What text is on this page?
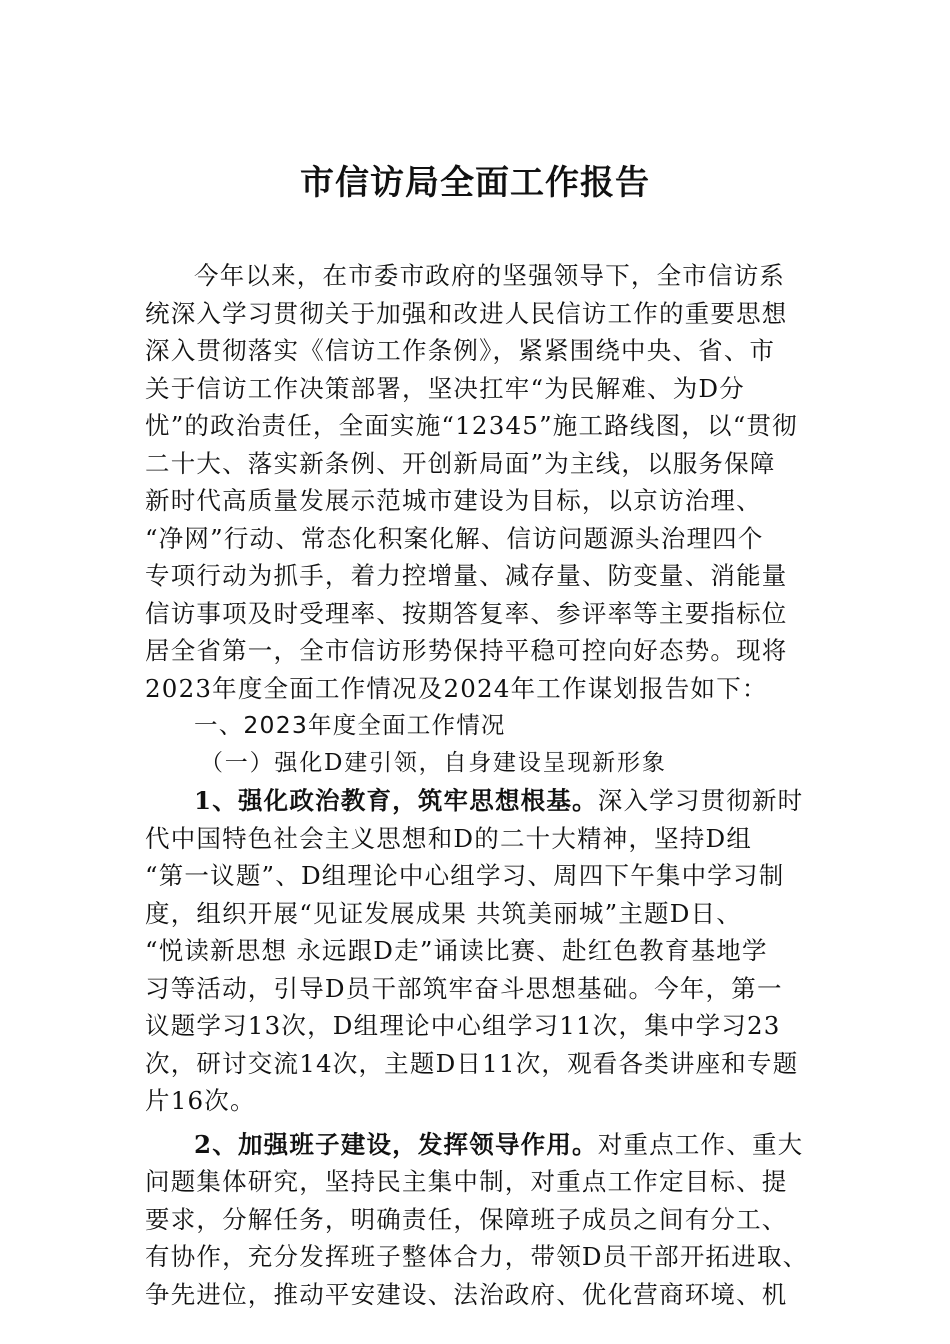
市信访局全面工作报告
今年以来，在市委市政府的坚强领导下，全市信访系
统深入学习贯彻关于加强和改进人民信访工作的重要思想
深入贯彻落实《信访工作条例》，紧紧围绕中央、省、市
关于信访工作决策部署，坚决扛牢“为民解难、为D分
忧”的政治责任，全面实施“12345”施工路线图，以“贯彻
二十大、落实新条例、开创新局面”为主线，以服务保障
新时代高质量发展示范城市建设为目标，以京访治理、
“净网”行动、常态化积案化解、信访问题源头治理四个
专项行动为抓手，着力控增量、减存量、防变量、消能量
信访事项及时受理率、按期答复率、参评率等主要指标位
居全省第一，全市信访形势保持平稳可控向好态势。现将
2023年度全面工作情况及2024年工作谋划报告如下：
一、2023年度全面工作情况
（一）强化D建引领，自身建设呈现新形象
1、强化政治教育，筑牢思想根基。深入学习贯彻新时
代中国特色社会主义思想和D的二十大精神，坚持D组
“第一议题”、D组理论中心组学习、周四下午集中学习制
度，组织开展“见证发展成果 共筑美丽城”主题D日、
“悦读新思想 永远跟D走”诵读比赛、赴红色教育基地学
习等活动，引导D员干部筑牢奋斗思想基础。今年，第一
议题学习13次，D组理论中心组学习11次，集中学习23
次，研讨交流14次，主题D日11次，观看各类讲座和专题
片16次。
2、加强班子建设，发挥领导作用。对重点工作、重大
问题集体研究，坚持民主集中制，对重点工作定目标、提
要求，分解任务，明确责任，保障班子成员之间有分工、
有协作，充分发挥班子整体合力，带领D员干部开拓进取、
争先进位，推动平安建设、法治政府、优化营商环境、机
